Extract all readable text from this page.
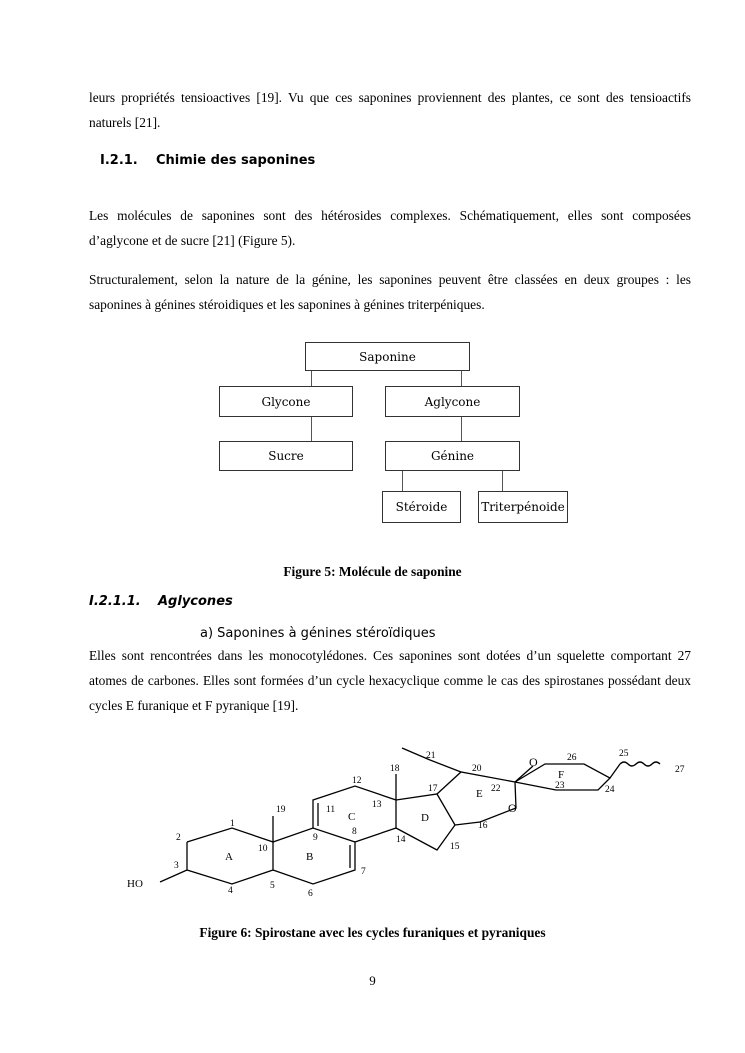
leurs propriétés tensioactives [19]. Vu que ces saponines proviennent des plantes, ce sont des tensioactifs naturels [21].

I.2.1. Chimie des saponines

Les molécules de saponines sont des hétérosides complexes. Schématiquement, elles sont composées d’aglycone et de sucre [21] (Figure 5).

Structuralement, selon la nature de la génine, les saponines peuvent être classées en deux groupes : les saponines à génines stéroidiques et les saponines à génines triterpéniques.

Saponine
Glycone	Aglycone
Sucre	Génine
Stéroide	Triterpénoide
Figure 5: Molécule de saponine
I.2.1.1. Aglycones
a) Saponines à génines stéroïdiques

Elles sont rencontrées dans les monocotylédones. Ces saponines sont dotées d’un squelette comportant 27 atomes de carbones. Elles sont formées d’un cycle hexacyclique comme le cas des spirostanes possédant deux cycles E furanique et F pyranique [19].

HO
O
O
A	B
C	D
E
F
1
2
3
4	5
6
7
8
9
10
11
12
13
14
15
16
17
18
19
20
21
22	23	24
25
26
27
Figure 6: Spirostane avec les cycles furaniques et pyraniques
9
